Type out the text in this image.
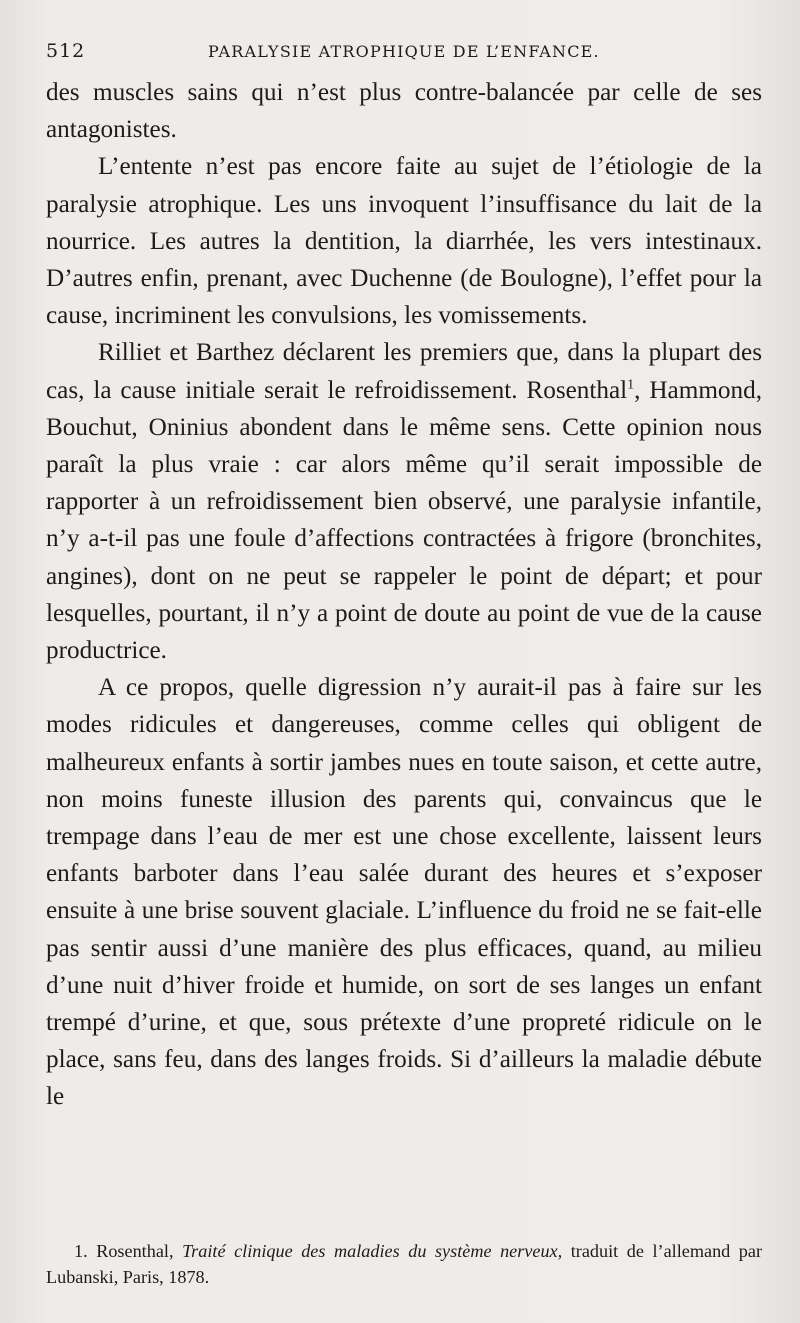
512	PARALYSIE ATROPHIQUE DE L’ENFANCE.

des muscles sains qui n’est plus contre-balancée par celle de ses antagonistes.

L’entente n’est pas encore faite au sujet de l’étiologie de la paralysie atrophique. Les uns invoquent l’insuffisance du lait de la nourrice. Les autres la dentition, la diarrhée, les vers intestinaux. D’autres enfin, prenant, avec Duchenne (de Boulogne), l’effet pour la cause, incriminent les convulsions, les vomissements.

Rilliet et Barthez déclarent les premiers que, dans la plupart des cas, la cause initiale serait le refroidissement. Rosenthal$^1$, Hammond, Bouchut, Oninius abondent dans le même sens. Cette opinion nous paraît la plus vraie : car alors même qu’il serait impossible de rapporter à un refroidissement bien observé, une paralysie infantile, n’y a-t-il pas une foule d’affections contractées à frigore (bronchites, angines), dont on ne peut se rappeler le point de départ; et pour lesquelles, pourtant, il n’y a point de doute au point de vue de la cause productrice.

A ce propos, quelle digression n’y aurait-il pas à faire sur les modes ridicules et dangereuses, comme celles qui obligent de malheureux enfants à sortir jambes nues en toute saison, et cette autre, non moins funeste illusion des parents qui, convaincus que le trempage dans l’eau de mer est une chose excellente, laissent leurs enfants barboter dans l’eau salée durant des heures et s’exposer ensuite à une brise souvent glaciale. L’influence du froid ne se fait-elle pas sentir aussi d’une manière des plus efficaces, quand, au milieu d’une nuit d’hiver froide et humide, on sort de ses langes un enfant trempé d’urine, et que, sous prétexte d’une propreté ridicule on le place, sans feu, dans des langes froids. Si d’ailleurs la maladie débute le

1. Rosenthal, Traité clinique des maladies du système nerveux, traduit de l’allemand par Lubanski, Paris, 1878.
